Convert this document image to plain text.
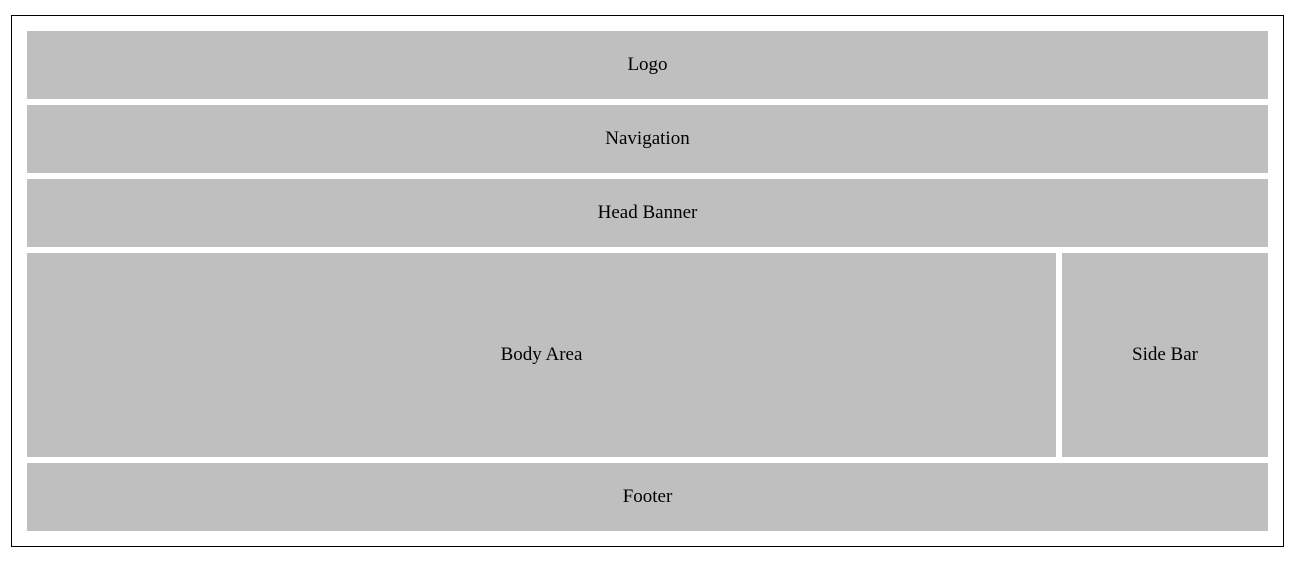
Logo
Navigation
Head Banner
Body Area	Side Bar
Footer
